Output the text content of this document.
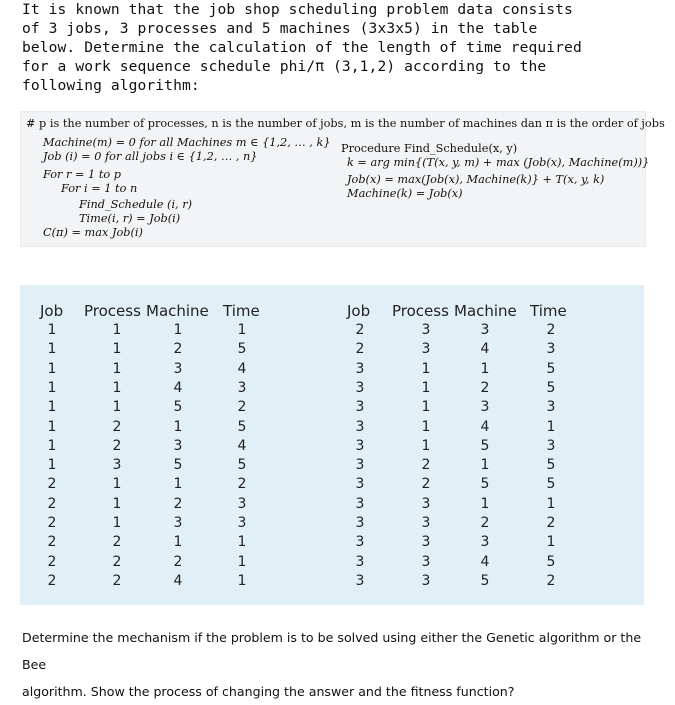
It is known that the job shop scheduling problem data consists
of 3 jobs, 3 processes and 5 machines (3x3x5) in the table
below. Determine the calculation of the length of time required
for a work sequence schedule phi/π (3,1,2) according to the
following algorithm:
# p is the number of processes, n is the number of jobs, m is the number of machines dan π is the order of jobs
Machine(m) = 0 for all Machines m ∈ {1,2, … , k}
Job (i) = 0 for all jobs i ∈ {1,2, … , n}
For r = 1 to p
For i = 1 to n
Find_Schedule (i, r)
Time(i, r) = Job(i)
C(π) = max Job(i)
Procedure Find_Schedule(x, y)
k = arg min{(T(x, y, m) + max (Job(x), Machine(m))}
Job(x) = max(Job(x), Machine(k)} + T(x, y, k)
Machine(k) = Job(x)
Job Process Machine Time	Job Process Machine Time
1	1	1	1
1	1	2	5
1	1	3	4
1	1	4	3
1	1	5	2
1	2	1	5
1	2	3	4
1	3	5	5
2	1	1	2
2	1	2	3
2	1	3	3
2	2	1	1
2	2	2	1
2	2	4	1
2	3	3	2
2	3	4	3
3	1	1	5
3	1	2	5
3	1	3	3
3	1	4	1
3	1	5	3
3	2	1	5
3	2	5	5
3	3	1	1
3	3	2	2
3	3	3	1
3	3	4	5
3	3	5	2
Determine the mechanism if the problem is to be solved using either the Genetic algorithm or the Bee
algorithm. Show the process of changing the answer and the fitness function?
